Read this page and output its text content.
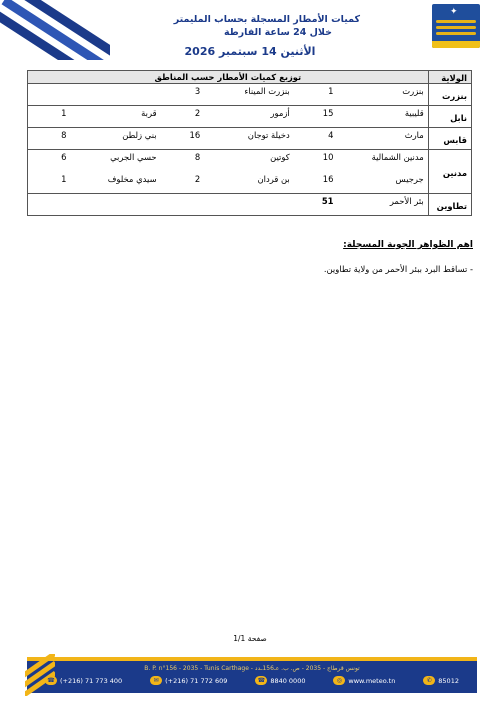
✦
كميات الأمطار المسجلة بحساب المليمتر
خلال 24 ساعة الفارطة
الأثنين 14 سبتمبر 2026
الولاية	توزيع كميات الأمطار حسب المناطق					
بنزرت	بنزرت	1	بنزرت الميناء	3		
نابل	قليبية	15	أزمور	2	قربة	1
قابس	مارث	4	دخيلة توجان	16	بني زلطن	8
مدنين	مدنين الشمالية	10	كوتين	8	حسي الجربي	6
	جرجيس	16	بن قردان	2	سيدي مخلوف	1
تطاوين	بئر الأحمر	51				
اهم الظواهر الجوية المسجلة:
- تساقط البرد ببئر الأحمر من ولاية تطاوين.
صفحة 1/1
B. P. n°156 - 2035 - Tunis Carthage - تونس قرطاج - 2035 - ص. ب. عـ156ـدد
☎ (+216) 71 773 400	✉ (+216) 71 772 609	☎ 8840 0000	◎ www.meteo.tn	✆ 85012
